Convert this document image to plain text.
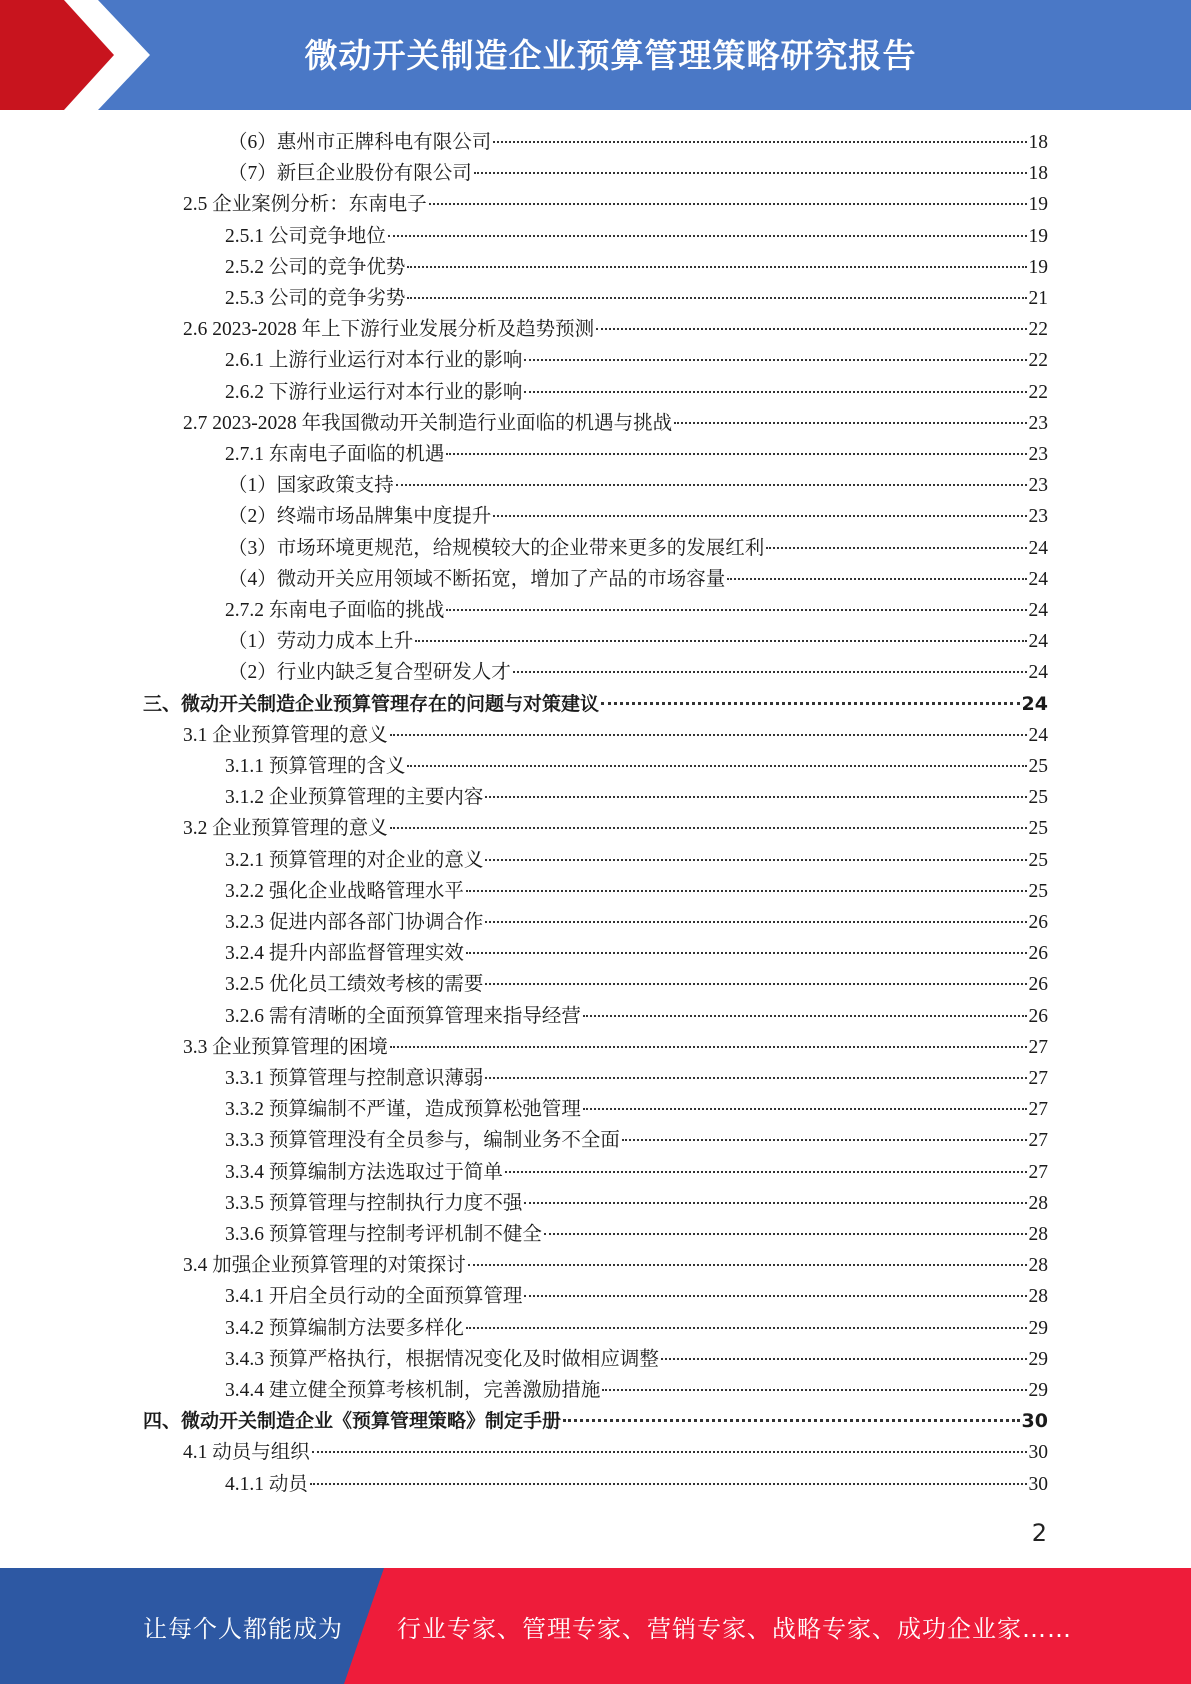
微动开关制造企业预算管理策略研究报告
（6）惠州市正牌科电有限公司	18
（7）新巨企业股份有限公司	18
2.5 企业案例分析：东南电子	19
2.5.1 公司竞争地位	19
2.5.2 公司的竞争优势	19
2.5.3 公司的竞争劣势	21
2.6 2023-2028 年上下游行业发展分析及趋势预测	22
2.6.1 上游行业运行对本行业的影响	22
2.6.2 下游行业运行对本行业的影响	22
2.7 2023-2028 年我国微动开关制造行业面临的机遇与挑战	23
2.7.1 东南电子面临的机遇	23
（1）国家政策支持	23
（2）终端市场品牌集中度提升	23
（3）市场环境更规范，给规模较大的企业带来更多的发展红利	24
（4）微动开关应用领域不断拓宽，增加了产品的市场容量	24
2.7.2 东南电子面临的挑战	24
（1）劳动力成本上升	24
（2）行业内缺乏复合型研发人才	24
三、微动开关制造企业预算管理存在的问题与对策建议	24
3.1 企业预算管理的意义	24
3.1.1 预算管理的含义	25
3.1.2 企业预算管理的主要内容	25
3.2 企业预算管理的意义	25
3.2.1 预算管理的对企业的意义	25
3.2.2 强化企业战略管理水平	25
3.2.3 促进内部各部门协调合作	26
3.2.4 提升内部监督管理实效	26
3.2.5 优化员工绩效考核的需要	26
3.2.6 需有清晰的全面预算管理来指导经营	26
3.3 企业预算管理的困境	27
3.3.1 预算管理与控制意识薄弱	27
3.3.2 预算编制不严谨，造成预算松弛管理	27
3.3.3 预算管理没有全员参与，编制业务不全面	27
3.3.4 预算编制方法选取过于简单	27
3.3.5 预算管理与控制执行力度不强	28
3.3.6 预算管理与控制考评机制不健全	28
3.4 加强企业预算管理的对策探讨	28
3.4.1 开启全员行动的全面预算管理	28
3.4.2 预算编制方法要多样化	29
3.4.3 预算严格执行，根据情况变化及时做相应调整	29
3.4.4 建立健全预算考核机制，完善激励措施	29
四、微动开关制造企业《预算管理策略》制定手册	30
4.1 动员与组织	30
4.1.1 动员	30
2
让每个人都能成为 行业专家、管理专家、营销专家、战略专家、成功企业家……
